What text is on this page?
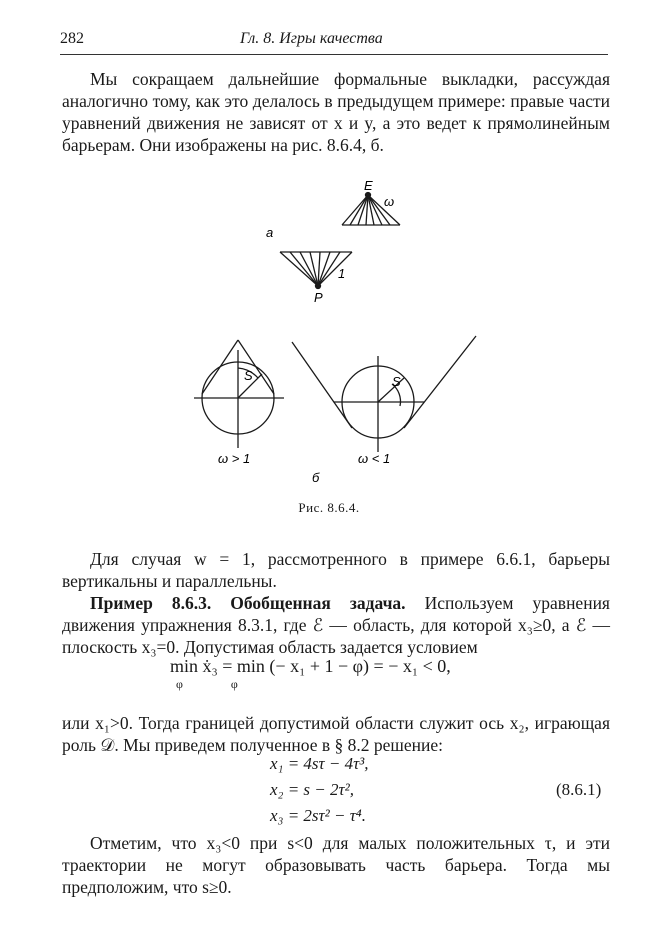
282	Гл. 8. Игры качества

Мы сокращаем дальнейшие формальные выкладки, рассуждая аналогично тому, как это делалось в предыдущем примере: правые части уравнений движения не зависят от x и y, а это ведет к прямолинейным барьерам. Они изображены на рис. 8.6.4, б.

E
ω
a
1
P
S	S
ω > 1	ω < 1
б
Рис. 8.6.4.

Для случая w = 1, рассмотренного в примере 6.6.1, барьеры вертикальны и параллельны.

Пример 8.6.3. Обобщенная задача. Используем уравнения движения упражнения 8.3.1, где ℰ — область, для которой x₃≥0, а ℰ — плоскость x₃=0. Допустимая область задается условием

min ẋ₃ = min (− x₁ + 1 − φ) = − x₁ < 0,
φ                φ

или x₁>0. Тогда границей допустимой области служит ось x₂, играющая роль 𝒟. Мы приведем полученное в § 8.2 решение:

x₁ = 4sτ − 4τ³,
x₂ = s − 2τ²,
x₃ = 2sτ² − τ⁴.
(8.6.1)

Отметим, что x₃<0 при s<0 для малых положительных τ, и эти траектории не могут образовывать часть барьера. Тогда мы предположим, что s≥0.
